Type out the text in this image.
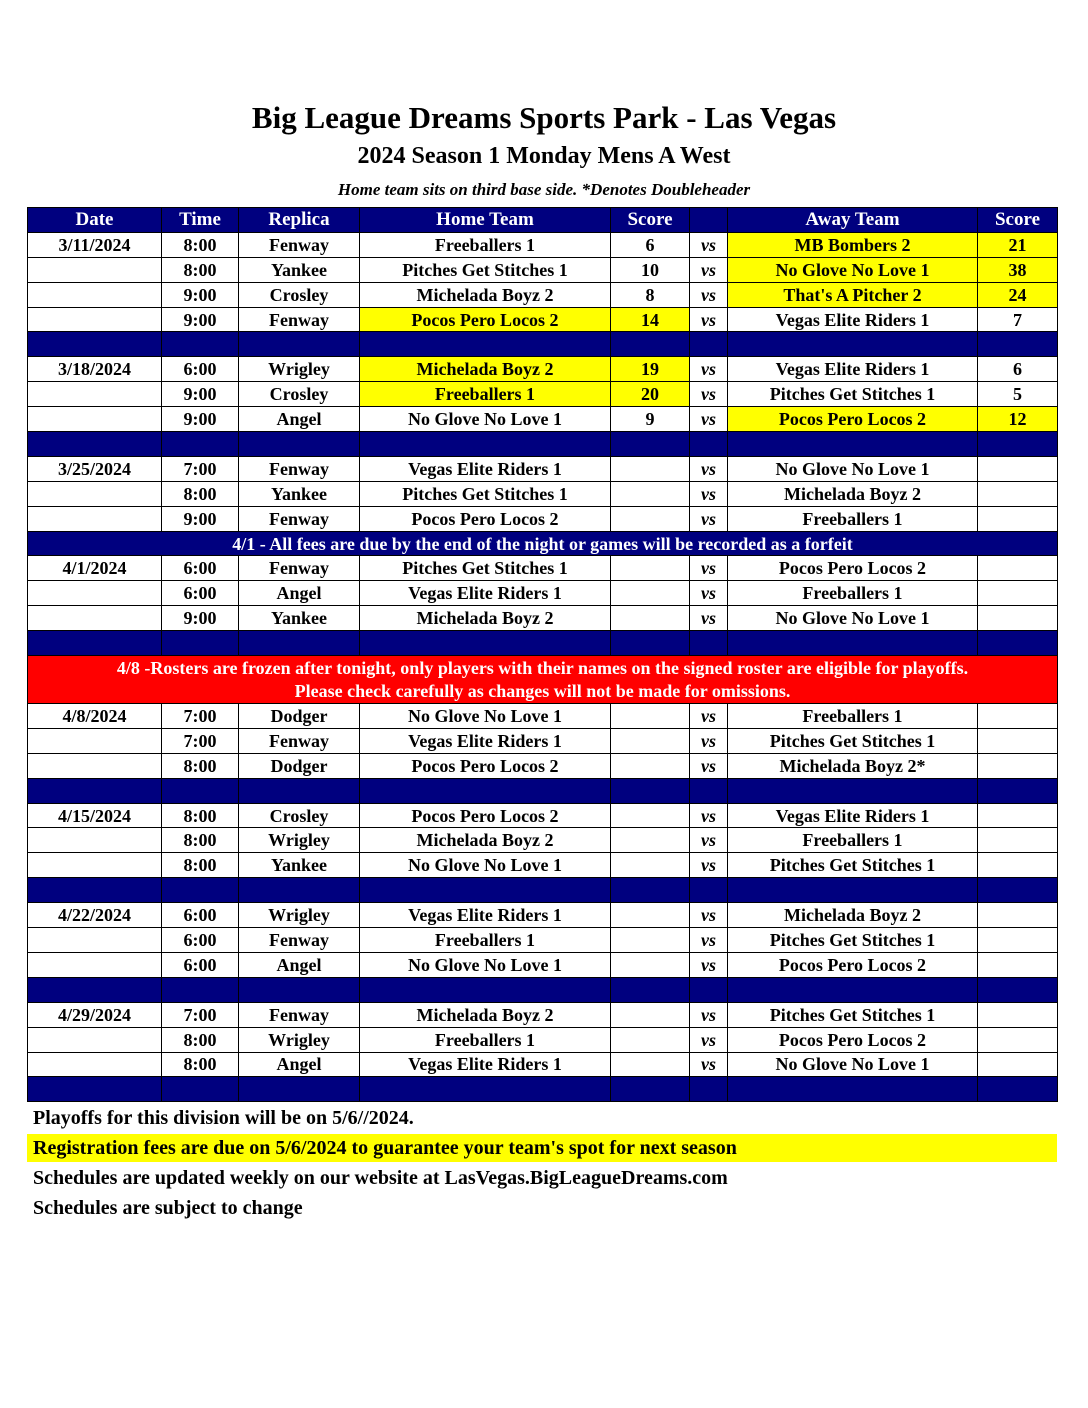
Big League Dreams Sports Park - Las Vegas
2024 Season 1 Monday Mens A West
Home team sits on third base side. *Denotes Doubleheader
Date	Time	Replica	Home Team	Score		Away Team	Score
3/11/2024	8:00	Fenway	Freeballers 1	6	vs	MB Bombers 2	21
	8:00	Yankee	Pitches Get Stitches 1	10	vs	No Glove No Love 1	38
	9:00	Crosley	Michelada Boyz 2	8	vs	That's A Pitcher 2	24
	9:00	Fenway	Pocos Pero Locos 2	14	vs	Vegas Elite Riders 1	7

3/18/2024	6:00	Wrigley	Michelada Boyz 2	19	vs	Vegas Elite Riders 1	6
	9:00	Crosley	Freeballers 1	20	vs	Pitches Get Stitches 1	5
	9:00	Angel	No Glove No Love 1	9	vs	Pocos Pero Locos 2	12

3/25/2024	7:00	Fenway	Vegas Elite Riders 1		vs	No Glove No Love 1	
	8:00	Yankee	Pitches Get Stitches 1		vs	Michelada Boyz 2	
	9:00	Fenway	Pocos Pero Locos 2		vs	Freeballers 1	
4/1 - All fees are due by the end of the night or games will be recorded as a forfeit							
4/1/2024	6:00	Fenway	Pitches Get Stitches 1		vs	Pocos Pero Locos 2	
	6:00	Angel	Vegas Elite Riders 1		vs	Freeballers 1	
	9:00	Yankee	Michelada Boyz 2		vs	No Glove No Love 1	

4/8 -Rosters are frozen after tonight, only players with their names on the signed roster are eligible for playoffs.
Please check carefully as changes will not be made for omissions.							

4/8/2024	7:00	Dodger	No Glove No Love 1		vs	Freeballers 1	
	7:00	Fenway	Vegas Elite Riders 1		vs	Pitches Get Stitches 1	
	8:00	Dodger	Pocos Pero Locos 2		vs	Michelada Boyz 2*	

4/15/2024	8:00	Crosley	Pocos Pero Locos 2		vs	Vegas Elite Riders 1	
	8:00	Wrigley	Michelada Boyz 2		vs	Freeballers 1	
	8:00	Yankee	No Glove No Love 1		vs	Pitches Get Stitches 1	

4/22/2024	6:00	Wrigley	Vegas Elite Riders 1		vs	Michelada Boyz 2	
	6:00	Fenway	Freeballers 1		vs	Pitches Get Stitches 1	
	6:00	Angel	No Glove No Love 1		vs	Pocos Pero Locos 2	

4/29/2024	7:00	Fenway	Michelada Boyz 2		vs	Pitches Get Stitches 1	
	8:00	Wrigley	Freeballers 1		vs	Pocos Pero Locos 2	
	8:00	Angel	Vegas Elite Riders 1		vs	No Glove No Love 1	

Playoffs for this division will be on 5/6//2024.
Registration fees are due on 5/6/2024 to guarantee your team's spot for next season
Schedules are updated weekly on our website at LasVegas.BigLeagueDreams.com
Schedules are subject to change
